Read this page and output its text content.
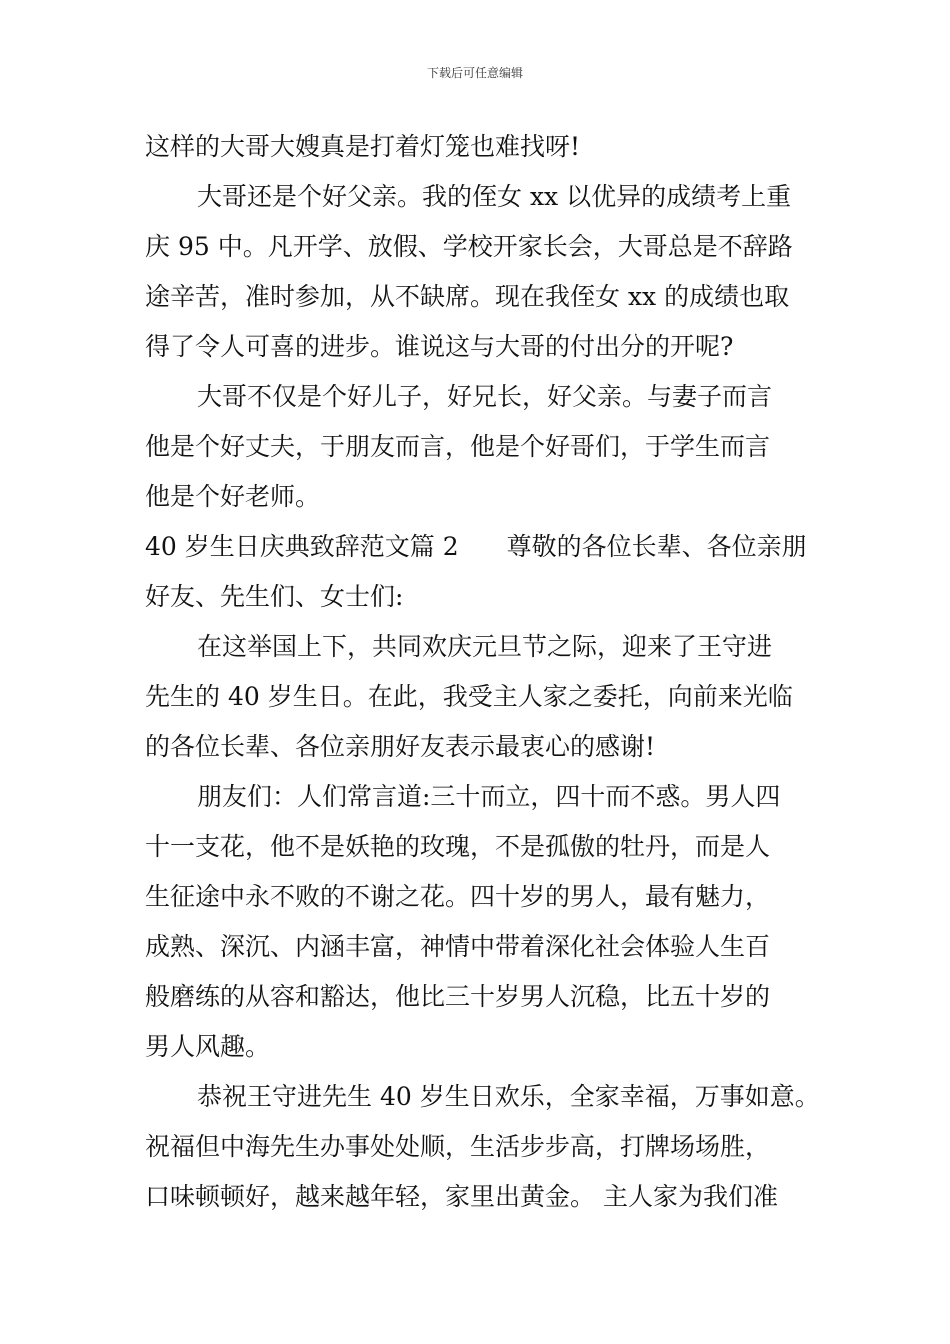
下载后可任意编辑
这样的大哥大嫂真是打着灯笼也难找呀!
大哥还是个好父亲。我的侄女 xx 以优异的成绩考上重
庆 95 中。凡开学、放假、学校开家长会，大哥总是不辞路
途辛苦，准时参加，从不缺席。现在我侄女 xx 的成绩也取
得了令人可喜的进步。谁说这与大哥的付出分的开呢?
大哥不仅是个好儿子，好兄长，好父亲。与妻子而言
他是个好丈夫，于朋友而言，他是个好哥们，于学生而言
他是个好老师。
40 岁生日庆典致辞范文篇 2 尊敬的各位长辈、各位亲朋
好友、先生们、女士们:
在这举国上下，共同欢庆元旦节之际，迎来了王守进
先生的 40 岁生日。在此，我受主人家之委托，向前来光临
的各位长辈、各位亲朋好友表示最衷心的感谢!
朋友们：人们常言道:三十而立，四十而不惑。男人四
十一支花，他不是妖艳的玫瑰，不是孤傲的牡丹，而是人
生征途中永不败的不谢之花。四十岁的男人，最有魅力，
成熟、深沉、内涵丰富，神情中带着深化社会体验人生百
般磨练的从容和豁达，他比三十岁男人沉稳，比五十岁的
男人风趣。
恭祝王守进先生 40 岁生日欢乐，全家幸福，万事如意。
祝福但中海先生办事处处顺，生活步步高，打牌场场胜，
口味顿顿好，越来越年轻，家里出黄金。 主人家为我们准
